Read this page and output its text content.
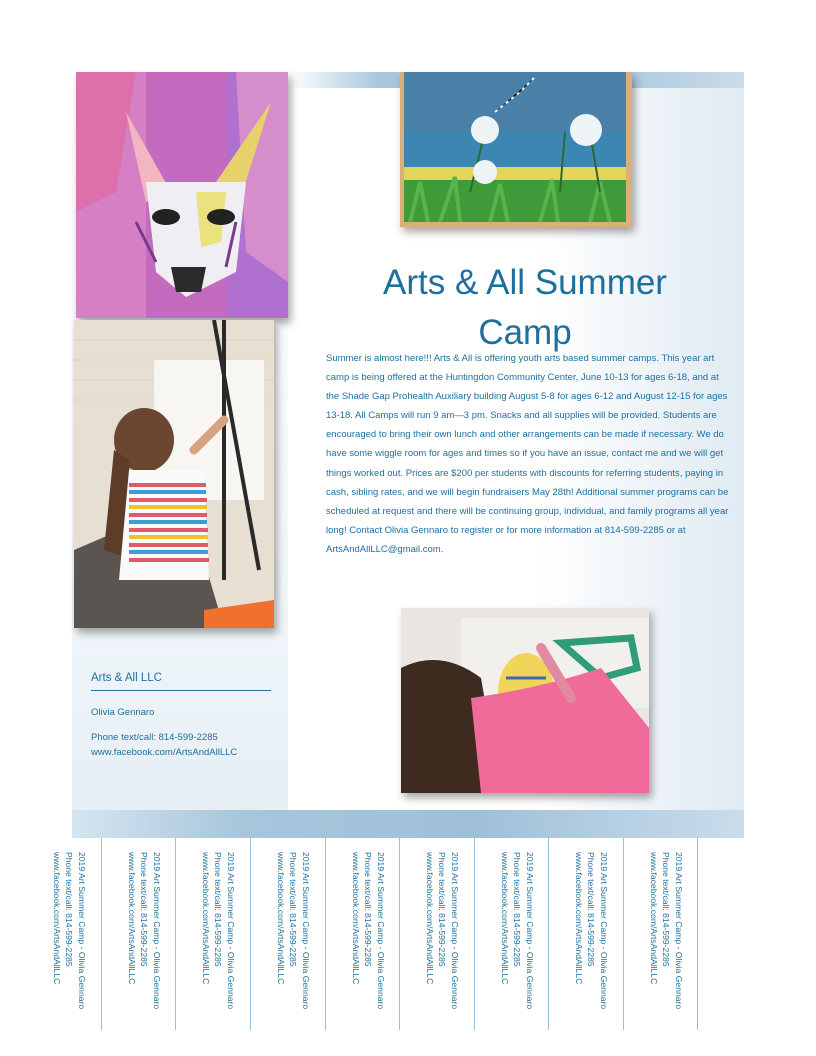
Arts & All Summer
Camp
Summer is almost here!!! Arts & All is offering youth arts based summer camps. This year art camp is being offered at the Huntingdon Community Center, June 10-13 for ages 6-18, and at the Shade Gap Prohealth Auxiliary building August 5-8 for ages 6-12 and August 12-15 for ages 13-18. All Camps will run 9 am—3 pm. Snacks and all supplies will be provided. Students are encouraged to bring their own lunch and other arrangements can be made if necessary. We do have some wiggle room for ages and times so if you have an issue, contact me and we will get things worked out. Prices are $200 per students with discounts for referring students, paying in cash, sibling rates, and we will begin fundraisers May 28th! Additional summer programs can be scheduled at request and there will be continuing group, individual, and family programs all year long! Contact Olivia Gennaro to register or for more information at 814-599-2285 or at ArtsAndAllLLC@gmail.com.
Arts & All LLC
Olivia Gennaro
Phone text/call: 814-599-2285
www.facebook.com/ArtsAndAllLLC
2019 Art Summer Camp - Olivia Gennaro
Phone text/call: 814-599-2285
www.facebook.com/ArtsAndAllLLC	2019 Art Summer Camp - Olivia Gennaro
Phone text/call: 814-599-2285
www.facebook.com/ArtsAndAllLLC	2019 Art Summer Camp - Olivia Gennaro
Phone text/call: 814-599-2285
www.facebook.com/ArtsAndAllLLC	2019 Art Summer Camp - Olivia Gennaro
Phone text/call: 814-599-2285
www.facebook.com/ArtsAndAllLLC	2019 Art Summer Camp - Olivia Gennaro
Phone text/call: 814-599-2285
www.facebook.com/ArtsAndAllLLC	2019 Art Summer Camp - Olivia Gennaro
Phone text/call: 814-599-2285
www.facebook.com/ArtsAndAllLLC	2019 Art Summer Camp - Olivia Gennaro
Phone text/call: 814-599-2285
www.facebook.com/ArtsAndAllLLC	2019 Art Summer Camp - Olivia Gennaro
Phone text/call: 814-599-2285
www.facebook.com/ArtsAndAllLLC	2019 Art Summer Camp - Olivia Gennaro
Phone text/call: 814-599-2285
www.facebook.com/ArtsAndAllLLC
